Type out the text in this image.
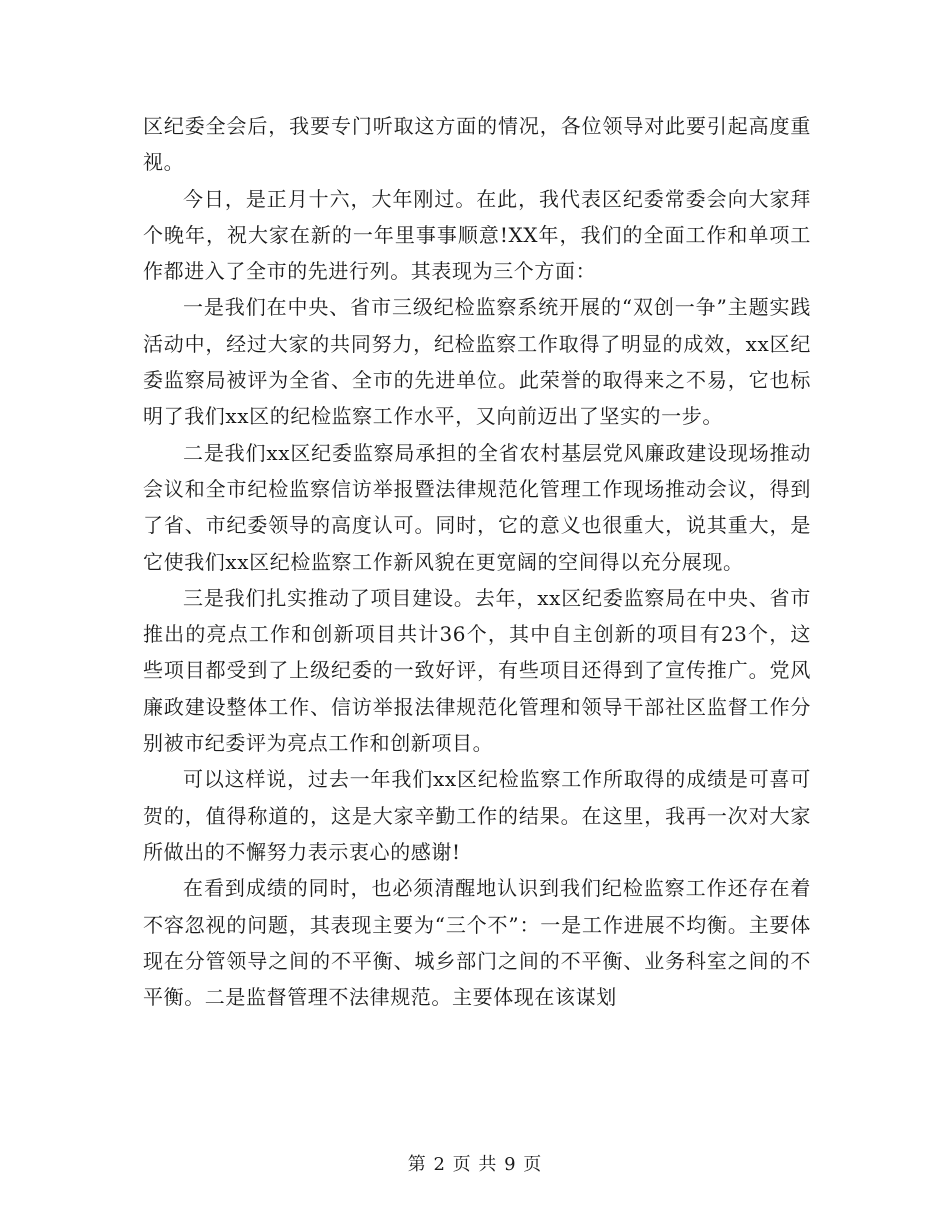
区纪委全会后，我要专门听取这方面的情况，各位领导对此要引起高度重视。

今日，是正月十六，大年刚过。在此，我代表区纪委常委会向大家拜个晚年，祝大家在新的一年里事事顺意!XX年，我们的全面工作和单项工作都进入了全市的先进行列。其表现为三个方面：

一是我们在中央、省市三级纪检监察系统开展的“双创一争”主题实践活动中，经过大家的共同努力，纪检监察工作取得了明显的成效，xx区纪委监察局被评为全省、全市的先进单位。此荣誉的取得来之不易，它也标明了我们xx区的纪检监察工作水平，又向前迈出了坚实的一步。

二是我们xx区纪委监察局承担的全省农村基层党风廉政建设现场推动会议和全市纪检监察信访举报暨法律规范化管理工作现场推动会议，得到了省、市纪委领导的高度认可。同时，它的意义也很重大，说其重大，是它使我们xx区纪检监察工作新风貌在更宽阔的空间得以充分展现。

三是我们扎实推动了项目建设。去年，xx区纪委监察局在中央、省市推出的亮点工作和创新项目共计36个，其中自主创新的项目有23个，这些项目都受到了上级纪委的一致好评，有些项目还得到了宣传推广。党风廉政建设整体工作、信访举报法律规范化管理和领导干部社区监督工作分别被市纪委评为亮点工作和创新项目。

可以这样说，过去一年我们xx区纪检监察工作所取得的成绩是可喜可贺的，值得称道的，这是大家辛勤工作的结果。在这里，我再一次对大家所做出的不懈努力表示衷心的感谢!

在看到成绩的同时，也必须清醒地认识到我们纪检监察工作还存在着不容忽视的问题，其表现主要为“三个不”：一是工作进展不均衡。主要体现在分管领导之间的不平衡、城乡部门之间的不平衡、业务科室之间的不平衡。二是监督管理不法律规范。主要体现在该谋划

第 2 页 共 9 页
